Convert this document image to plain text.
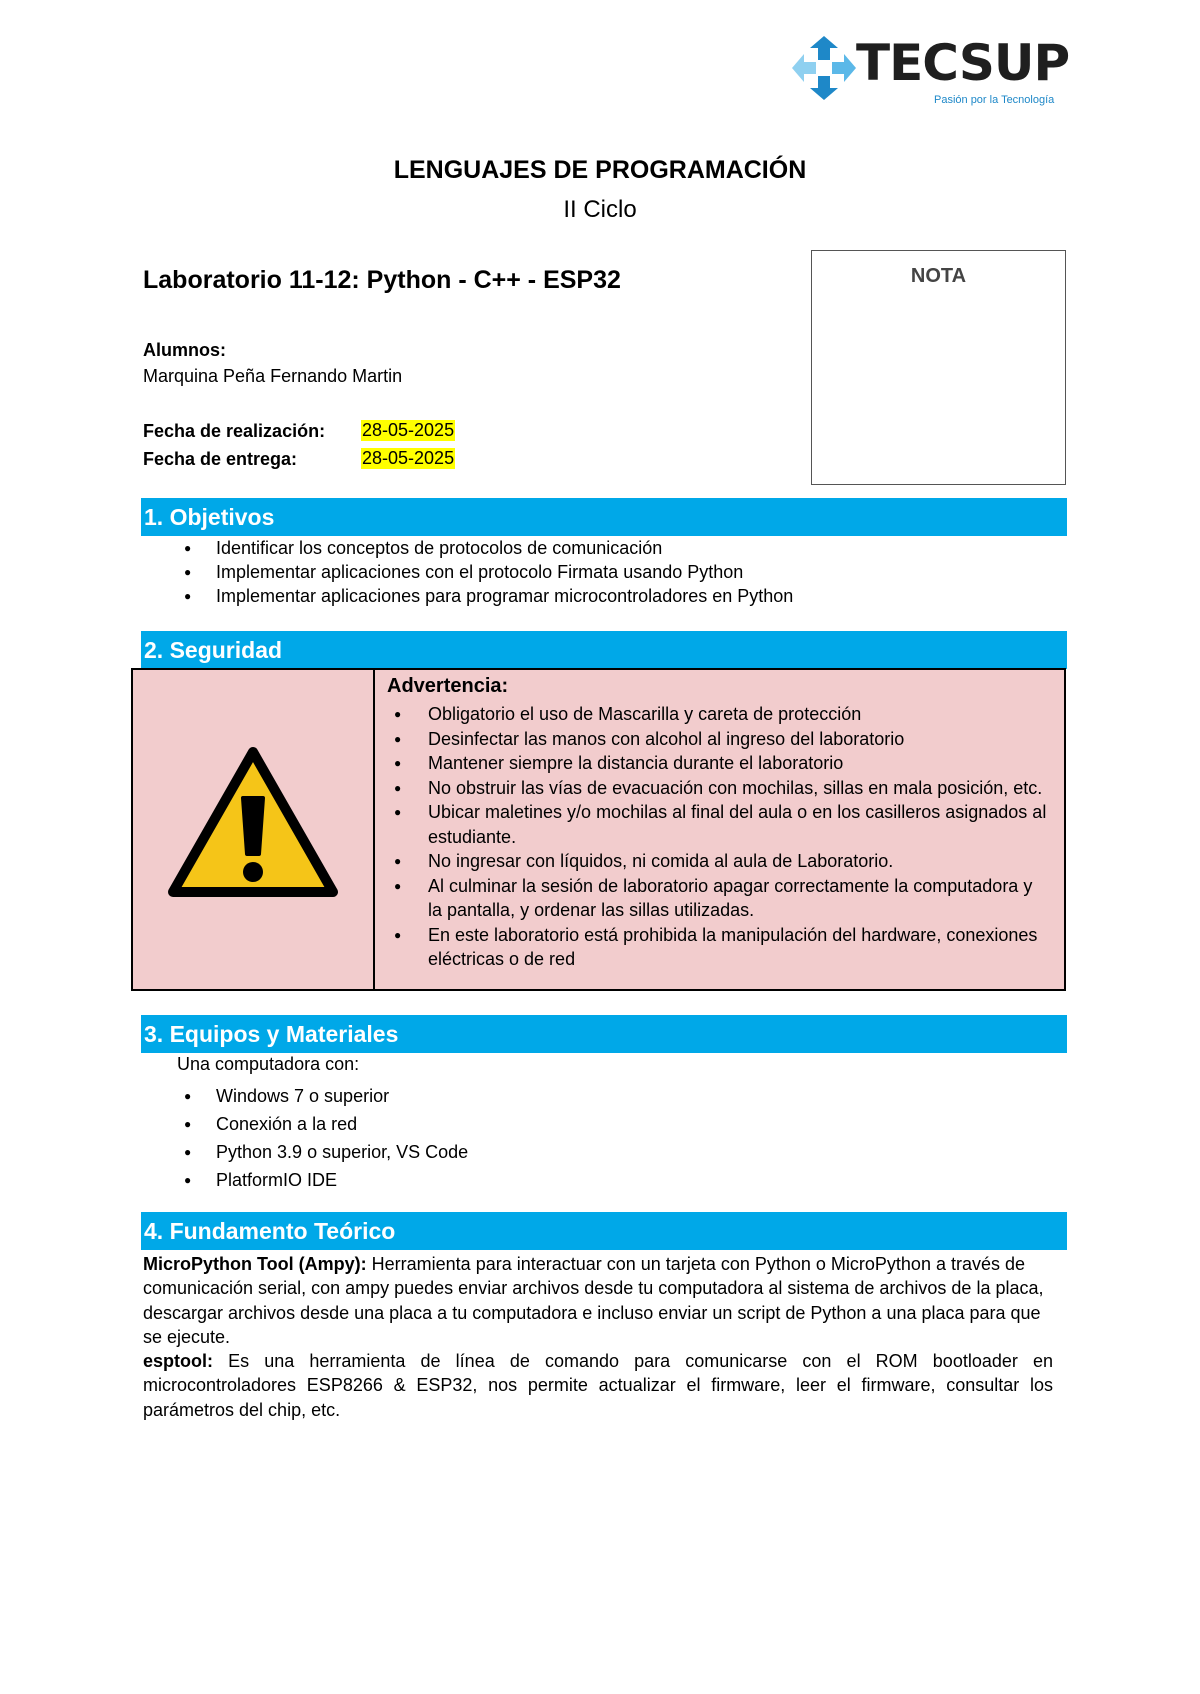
TECSUP
Pasión por la Tecnología
LENGUAJES DE PROGRAMACIÓN
II Ciclo
Laboratorio 11-12: Python - C++ - ESP32	NOTA
Alumnos:
Marquina Peña Fernando Martin
Fecha de realización: 28-05-2025
Fecha de entrega:	28-05-2025
1. Objetivos
● Identificar los conceptos de protocolos de comunicación
● Implementar aplicaciones con el protocolo Firmata usando Python
● Implementar aplicaciones para programar microcontroladores en Python
2. Seguridad
Advertencia:
● Obligatorio el uso de Mascarilla y careta de protección
● Desinfectar las manos con alcohol al ingreso del laboratorio
● Mantener siempre la distancia durante el laboratorio
● No obstruir las vías de evacuación con mochilas, sillas en mala posición, etc.
● Ubicar maletines y/o mochilas al final del aula o en los casilleros asignados al estudiante.
● No ingresar con líquidos, ni comida al aula de Laboratorio.
● Al culminar la sesión de laboratorio apagar correctamente la computadora y la pantalla, y ordenar las sillas utilizadas.
● En este laboratorio está prohibida la manipulación del hardware, conexiones eléctricas o de red
3. Equipos y Materiales
Una computadora con:
● Windows 7 o superior
● Conexión a la red
● Python 3.9 o superior, VS Code
● PlatformIO IDE
4. Fundamento Teórico

MicroPython Tool (Ampy): Herramienta para interactuar con un tarjeta con Python o MicroPython a través de comunicación serial, con ampy puedes enviar archivos desde tu computadora al sistema de archivos de la placa, descargar archivos desde una placa a tu computadora e incluso enviar un script de Python a una placa para que se ejecute.

esptool: Es una herramienta de línea de comando para comunicarse con el ROM bootloader en microcontroladores ESP8266 & ESP32, nos permite actualizar el firmware, leer el firmware, consultar los parámetros del chip, etc.
